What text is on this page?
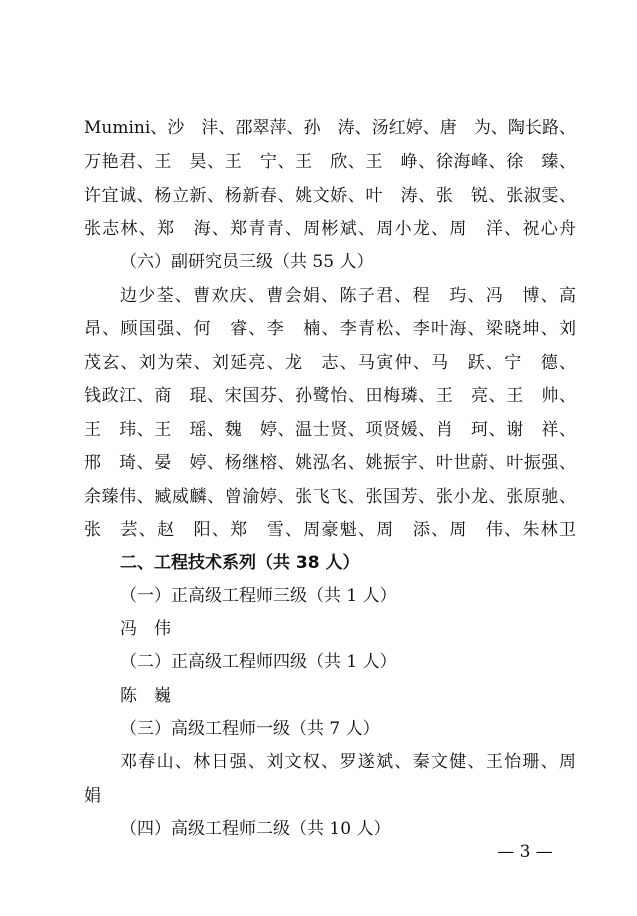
Mumini、沙　沣、邵翠萍、孙　涛、汤红婷、唐　为、陶长路、
万艳君、王　昊、王　宁、王　欣、王　峥、徐海峰、徐　臻、
许宜诚、杨立新、杨新春、姚文娇、叶　涛、张　锐、张淑雯、
张志林、郑　海、郑青青、周彬斌、周小龙、周　洋、祝心舟
（六）副研究员三级（共 55 人）
边少荃、曹欢庆、曹会娟、陈子君、程　玙、冯　博、高
昂、顾国强、何　睿、李　楠、李青松、李叶海、梁晓坤、刘
茂玄、刘为荣、刘延亮、龙　志、马寅仲、马　跃、宁　德、
钱政江、商　琨、宋国芬、孙鹭怡、田梅璘、王　亮、王　帅、
王　玮、王　瑶、魏　婷、温士贤、项贤媛、肖　珂、谢　祥、
邢　琦、晏　婷、杨继榕、姚泓名、姚振宇、叶世蔚、叶振强、
余臻伟、臧威麟、曾渝婷、张飞飞、张国芳、张小龙、张原驰、
张　芸、赵　阳、郑　雪、周豪魁、周　添、周　伟、朱林卫
二、工程技术系列（共 38 人）
（一）正高级工程师三级（共 1 人）
冯　伟
（二）正高级工程师四级（共 1 人）
陈　巍
（三）高级工程师一级（共 7 人）
邓春山、林日强、刘文权、罗遂斌、秦文健、王怡珊、周
娟
（四）高级工程师二级（共 10 人）
— 3 —
